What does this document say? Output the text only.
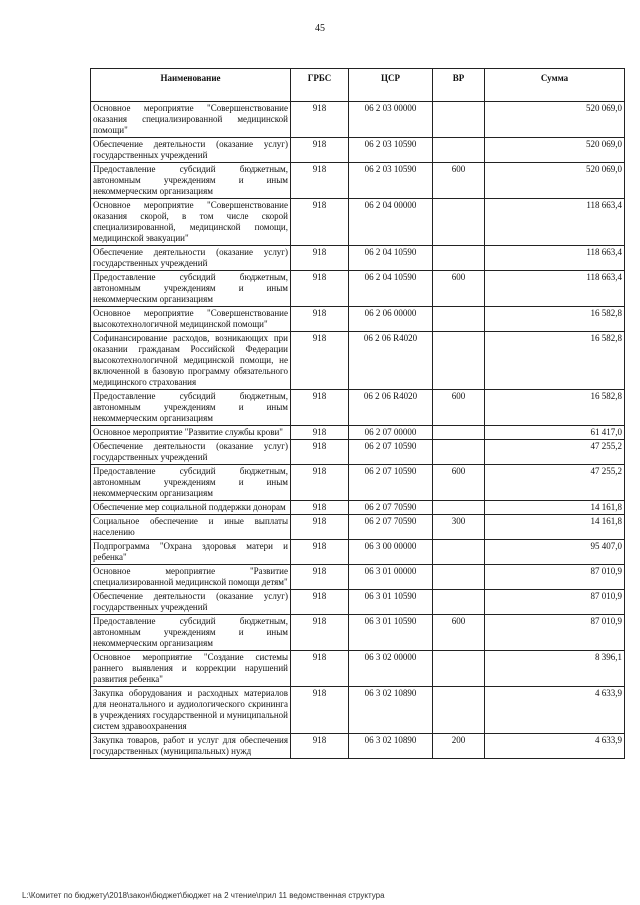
45
Наименование	ГРБС	ЦСР	ВР	Сумма
Основное мероприятие "Совершенствование оказания специализированной медицинской помощи"	918	06 2 03 00000		520 069,0
Обеспечение деятельности (оказание услуг) государственных учреждений	918	06 2 03 10590		520 069,0
Предоставление субсидий бюджетным, автономным учреждениям и иным некоммерческим организациям	918	06 2 03 10590	600	520 069,0
Основное мероприятие "Совершенствование оказания скорой, в том числе скорой специализированной, медицинской помощи, медицинской эвакуации"	918	06 2 04 00000		118 663,4
Обеспечение деятельности (оказание услуг) государственных учреждений	918	06 2 04 10590		118 663,4
Предоставление субсидий бюджетным, автономным учреждениям и иным некоммерческим организациям	918	06 2 04 10590	600	118 663,4
Основное мероприятие "Совершенствование высокотехнологичной медицинской помощи"	918	06 2 06 00000		16 582,8
Софинансирование расходов, возникающих при оказании гражданам Российской Федерации высокотехнологичной медицинской помощи, не включенной в базовую программу обязательного медицинского страхования	918	06 2 06 R4020		16 582,8
Предоставление субсидий бюджетным, автономным учреждениям и иным некоммерческим организациям	918	06 2 06 R4020	600	16 582,8
Основное мероприятие "Развитие службы крови"	918	06 2 07 00000		61 417,0
Обеспечение деятельности (оказание услуг) государственных учреждений	918	06 2 07 10590		47 255,2
Предоставление субсидий бюджетным, автономным учреждениям и иным некоммерческим организациям	918	06 2 07 10590	600	47 255,2
Обеспечение мер социальной поддержки донорам	918	06 2 07 70590		14 161,8
Социальное обеспечение и иные выплаты населению	918	06 2 07 70590	300	14 161,8
Подпрограмма "Охрана здоровья матери и ребенка"	918	06 3 00 00000		95 407,0
Основное мероприятие "Развитие специализированной медицинской помощи детям"	918	06 3 01 00000		87 010,9
Обеспечение деятельности (оказание услуг) государственных учреждений	918	06 3 01 10590		87 010,9
Предоставление субсидий бюджетным, автономным учреждениям и иным некоммерческим организациям	918	06 3 01 10590	600	87 010,9
Основное мероприятие "Создание системы раннего выявления и коррекции нарушений развития ребенка"	918	06 3 02 00000		8 396,1
Закупка оборудования и расходных материалов для неонатального и аудиологического скрининга в учреждениях государственной и муниципальной систем здравоохранения	918	06 3 02 10890		4 633,9
Закупка товаров, работ и услуг для обеспечения государственных (муниципальных) нужд	918	06 3 02 10890	200	4 633,9
L:\Комитет по бюджету\2018\закон\бюджет\бюджет на 2 чтение\прил 11 ведомственная структура
